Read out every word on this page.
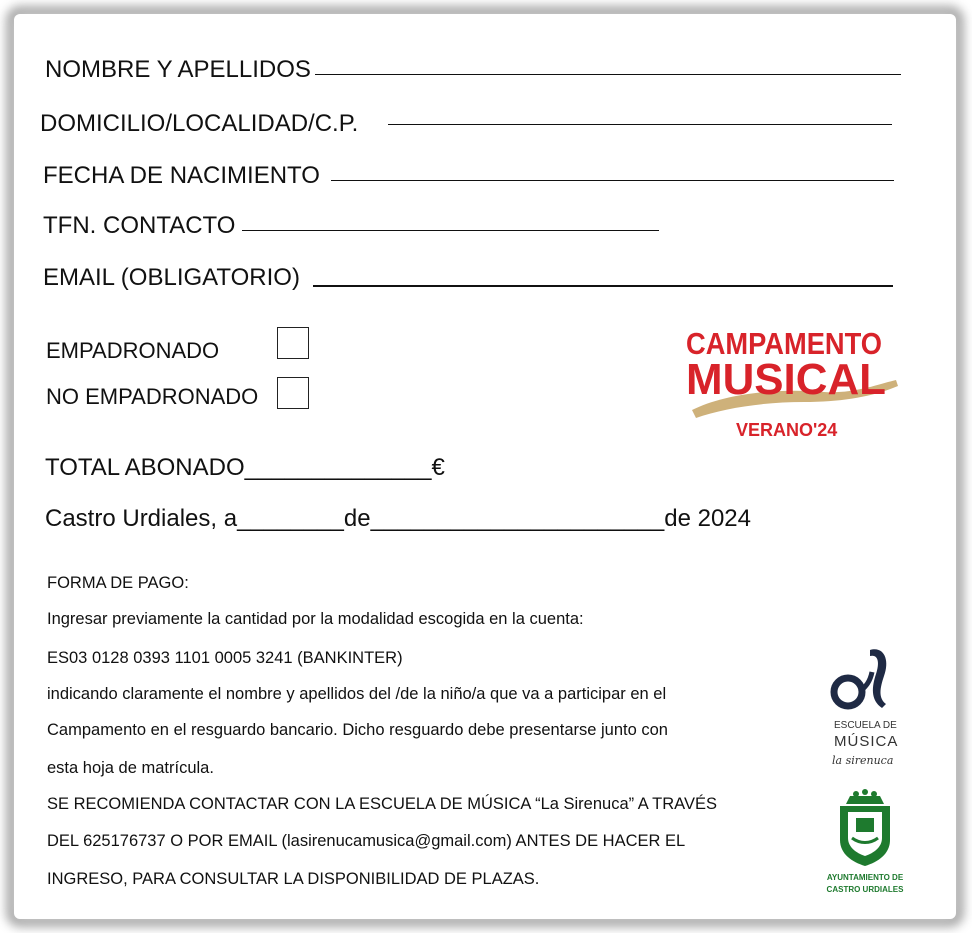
NOMBRE Y APELLIDOS
DOMICILIO/LOCALIDAD/C.P.
FECHA DE NACIMIENTO
TFN. CONTACTO
EMAIL (OBLIGATORIO)
EMPADRONADO
NO EMPADRONADO
CAMPAMENTO
MUSICAL
VERANO'24
TOTAL ABONADO______________€
Castro Urdiales, a________de______________________de 2024
FORMA DE PAGO:
Ingresar previamente la cantidad por la modalidad escogida en la cuenta:
ES03 0128 0393 1101 0005 3241 (BANKINTER)
indicando claramente el nombre y apellidos del /de la niño/a que va a participar en el
Campamento en el resguardo bancario. Dicho resguardo debe presentarse junto con
esta hoja de matrícula.
SE RECOMIENDA CONTACTAR CON LA ESCUELA DE MÚSICA “La Sirenuca” A TRAVÉS
DEL 625176737 O POR EMAIL (lasirenucamusica@gmail.com) ANTES DE HACER EL
INGRESO, PARA CONSULTAR LA DISPONIBILIDAD DE PLAZAS.
ESCUELA DE
MÚSICA
la sirenuca
AYUNTAMIENTO DE
CASTRO URDIALES
